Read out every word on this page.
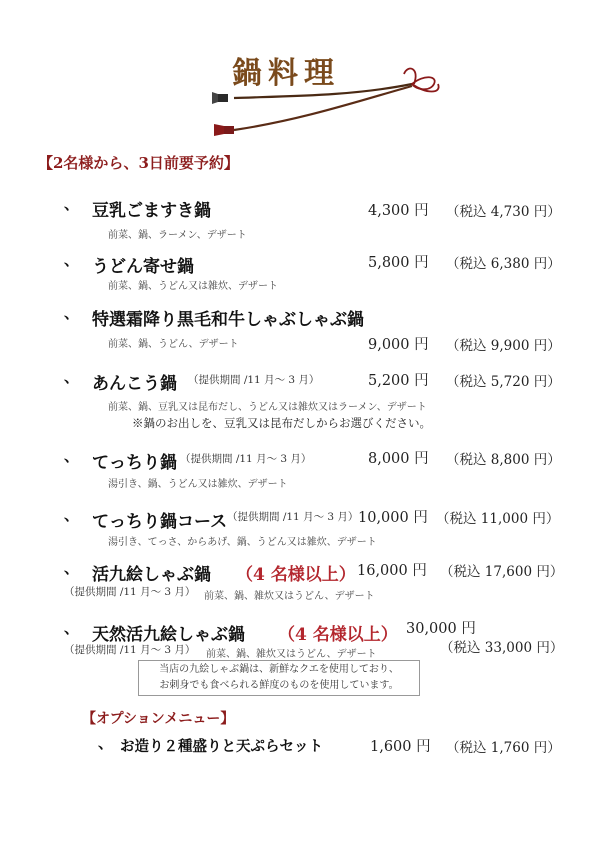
鍋料理
【2名様から、3日前要予約】
、 豆乳ごますき鍋	4,300 円 （税込 4,730 円）
前菜、鍋、ラーメン、デザート
、 うどん寄せ鍋	5,800 円 （税込 6,380 円）
前菜、鍋、うどん又は雑炊、デザート
、 特選霜降り黒毛和牛しゃぶしゃぶ鍋
前菜、鍋、うどん、デザート	9,000 円 （税込 9,900 円）
、 あんこう鍋 （提供期間 /11 月～ 3 月）	5,200 円 （税込 5,720 円）
前菜、鍋、豆乳又は昆布だし、うどん又は雑炊又はラーメン、デザート
※鍋のお出しを、豆乳又は昆布だしからお選びください。
、 てっちり鍋 （提供期間 /11 月～ 3 月）	8,000 円 （税込 8,800 円）
湯引き、鍋、うどん又は雑炊、デザート
、 てっちり鍋コース （提供期間 /11 月～ 3 月） 10,000 円 （税込 11,000 円）
湯引き、てっさ、からあげ、鍋、うどん又は雑炊、デザート
、 活九絵しゃぶ鍋 （4 名様以上） 16,000 円 （税込 17,600 円）
（提供期間 /11 月～ 3 月） 前菜、鍋、雑炊又はうどん、デザート
、 天然活九絵しゃぶ鍋 （4 名様以上） 30,000 円
（税込 33,000 円）
（提供期間 /11 月～ 3 月） 前菜、鍋、雑炊又はうどん、デザート
当店の九絵しゃぶ鍋は、新鮮なクエを使用しており、
お刺身でも食べられる鮮度のものを使用しています。
【オプションメニュー】
、 お造り２種盛りと天ぷらセット	1,600 円 （税込 1,760 円）
